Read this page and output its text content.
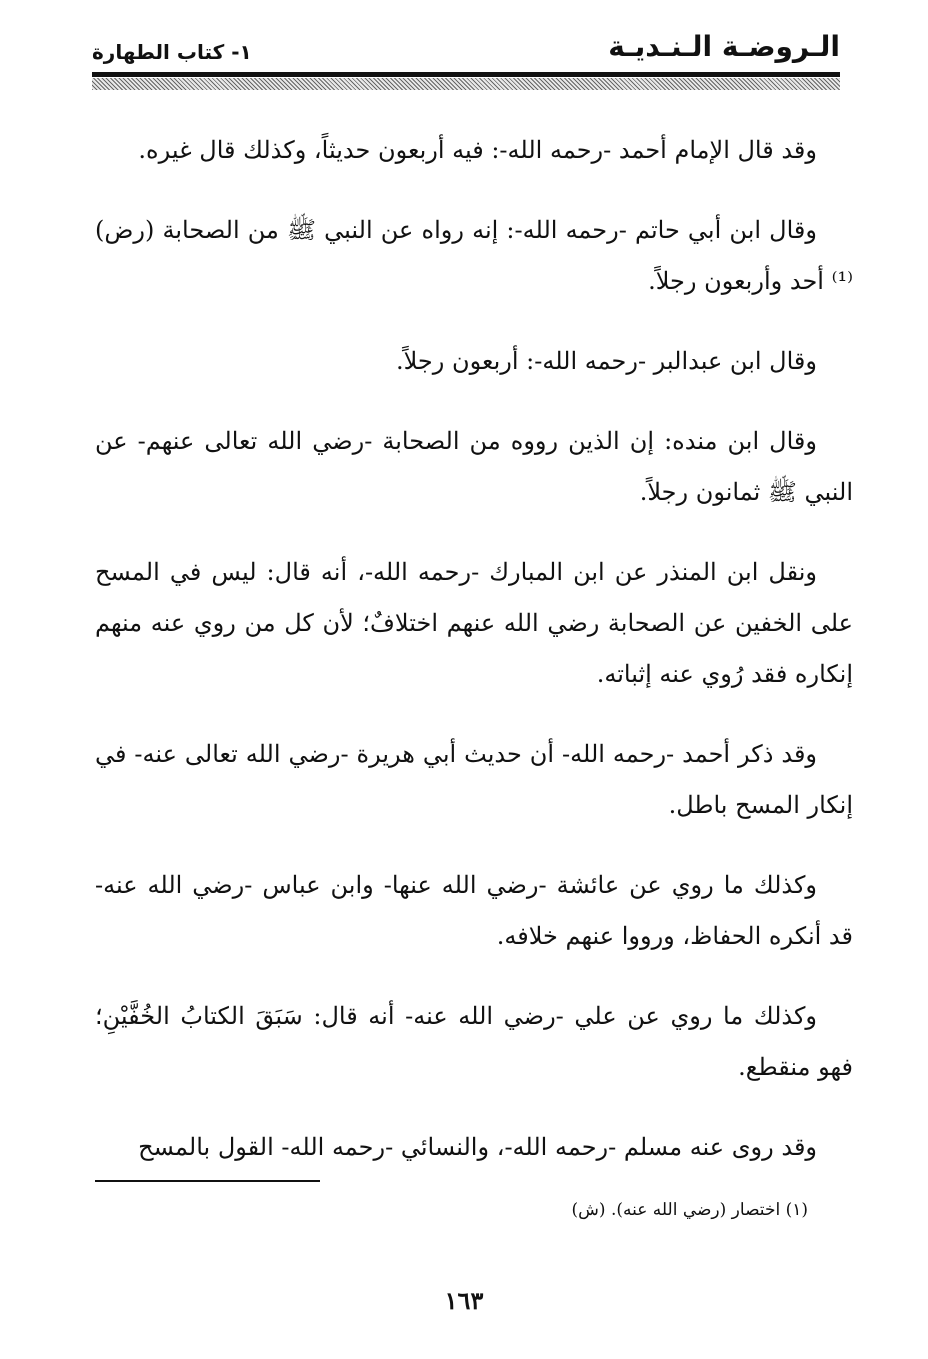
الـروضـة الـنـديـة
١- كتاب الطهارة

وقد قال الإمام أحمد -رحمه الله-: فيه أربعون حديثاً، وكذلك قال غيره.

وقال ابن أبي حاتم -رحمه الله-: إنه رواه عن النبي ﷺ من الصحابة (رض)⁽¹⁾ أحد وأربعون رجلاً.

وقال ابن عبدالبر -رحمه الله-: أربعون رجلاً.

وقال ابن منده: إن الذين رووه من الصحابة -رضي الله تعالى عنهم- عن النبي ﷺ ثمانون رجلاً.

ونقل ابن المنذر عن ابن المبارك -رحمه الله-، أنه قال: ليس في المسح على الخفين عن الصحابة رضي الله عنهم اختلافٌ؛ لأن كل من روي عنه منهم إنكاره فقد رُوي عنه إثباته.

وقد ذكر أحمد -رحمه الله- أن حديث أبي هريرة -رضي الله تعالى عنه- في إنكار المسح باطل.

وكذلك ما روي عن عائشة -رضي الله عنها- وابن عباس -رضي الله عنه- قد أنكره الحفاظ، ورووا عنهم خلافه.

وكذلك ما روي عن علي -رضي الله عنه- أنه قال: سَبَقَ الكتابُ الخُفَّيْنِ؛ فهو منقطع.

وقد روى عنه مسلم -رحمه الله-، والنسائي -رحمه الله- القول بالمسح

(١) اختصار (رضي الله عنه). (ش)
١٦٣
